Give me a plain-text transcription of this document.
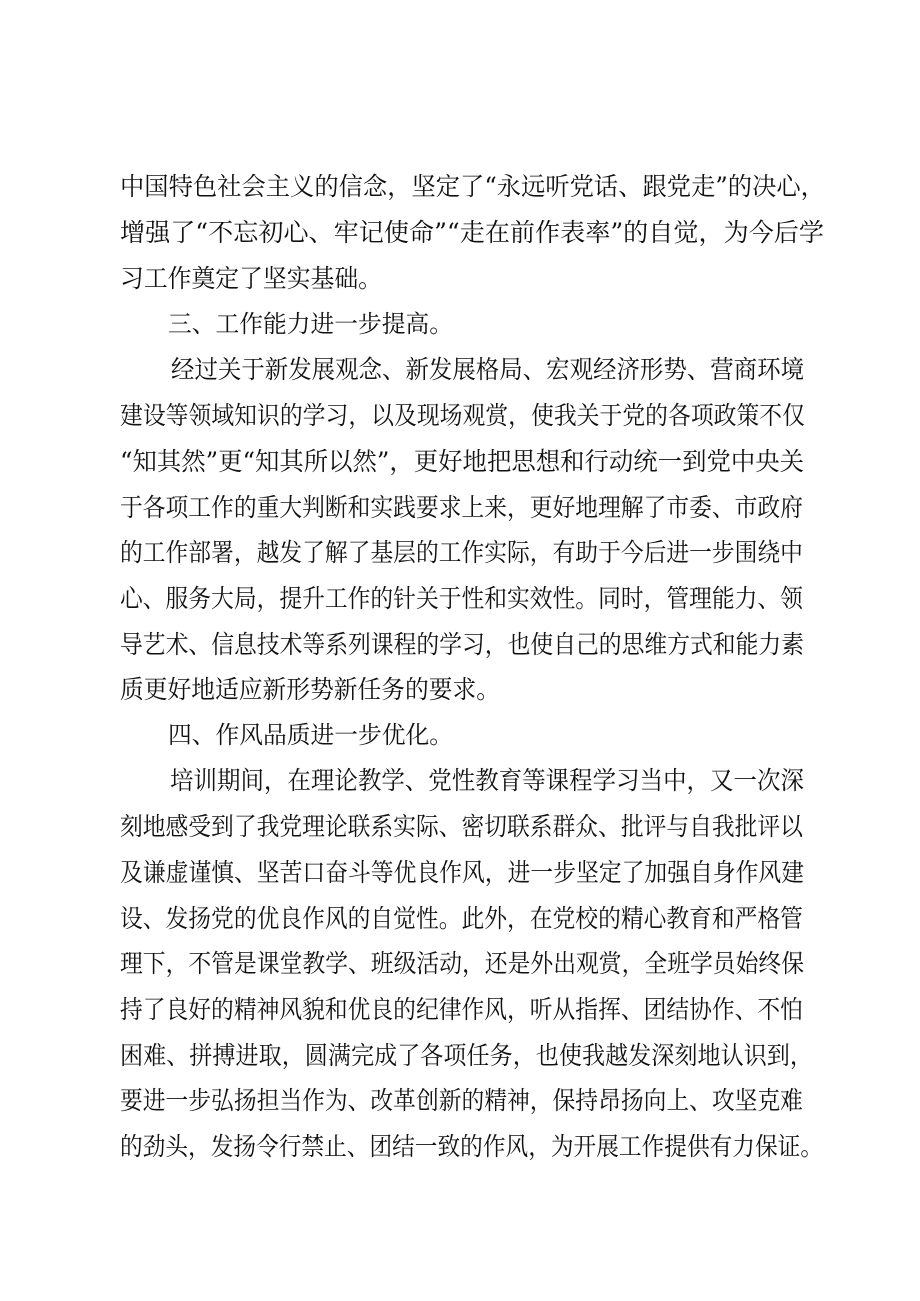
中国特色社会主义的信念，坚定了“永远听党话、跟党走”的决心，
增强了“不忘初心、牢记使命”“走在前作表率”的自觉，为今后学
习工作奠定了坚实基础。
三、工作能力进一步提高。
经过关于新发展观念、新发展格局、宏观经济形势、营商环境
建设等领域知识的学习，以及现场观赏，使我关于党的各项政策不仅
“知其然”更“知其所以然”，更好地把思想和行动统一到党中央关
于各项工作的重大判断和实践要求上来，更好地理解了市委、市政府
的工作部署，越发了解了基层的工作实际，有助于今后进一步围绕中
心、服务大局，提升工作的针关于性和实效性。同时，管理能力、领
导艺术、信息技术等系列课程的学习，也使自己的思维方式和能力素
质更好地适应新形势新任务的要求。
四、作风品质进一步优化。
培训期间，在理论教学、党性教育等课程学习当中，又一次深
刻地感受到了我党理论联系实际、密切联系群众、批评与自我批评以
及谦虚谨慎、坚苦口奋斗等优良作风，进一步坚定了加强自身作风建
设、发扬党的优良作风的自觉性。此外，在党校的精心教育和严格管
理下，不管是课堂教学、班级活动，还是外出观赏，全班学员始终保
持了良好的精神风貌和优良的纪律作风，听从指挥、团结协作、不怕
困难、拼搏进取，圆满完成了各项任务，也使我越发深刻地认识到，
要进一步弘扬担当作为、改革创新的精神，保持昂扬向上、攻坚克难
的劲头，发扬令行禁止、团结一致的作风，为开展工作提供有力保证。
